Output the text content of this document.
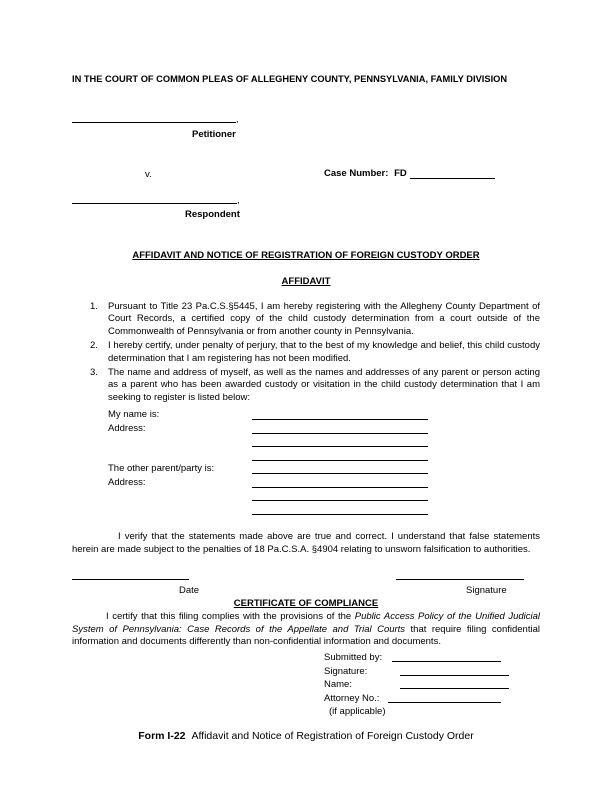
IN THE COURT OF COMMON PLEAS OF ALLEGHENY COUNTY, PENNSYLVANIA, FAMILY DIVISION
,
Petitioner
v.	Case Number: FD
,
Respondent
AFFIDAVIT AND NOTICE OF REGISTRATION OF FOREIGN CUSTODY ORDER
AFFIDAVIT
1. Pursuant to Title 23 Pa.C.S.§5445, I am hereby registering with the Allegheny County Department of Court Records, a certified copy of the child custody determination from a court outside of the Commonwealth of Pennsylvania or from another county in Pennsylvania.
2. I hereby certify, under penalty of perjury, that to the best of my knowledge and belief, this child custody determination that I am registering has not been modified.
3. The name and address of myself, as well as the names and addresses of any parent or person acting as a parent who has been awarded custody or visitation in the child custody determination that I am seeking to register is listed below:
My name is:
Address:
The other parent/party is:
Address:
I verify that the statements made above are true and correct. I understand that false statements herein are made subject to the penalties of 18 Pa.C.S.A. §4904 relating to unsworn falsification to authorities.
Date	Signature
CERTIFICATE OF COMPLIANCE
I certify that this filing complies with the provisions of the Public Access Policy of the Unified Judicial System of Pennsylvania: Case Records of the Appellate and Trial Courts that require filing confidential information and documents differently than non-confidential information and documents.
Submitted by:
Signature:
Name:
Attorney No.:
(if applicable)
Form I-22 Affidavit and Notice of Registration of Foreign Custody Order
